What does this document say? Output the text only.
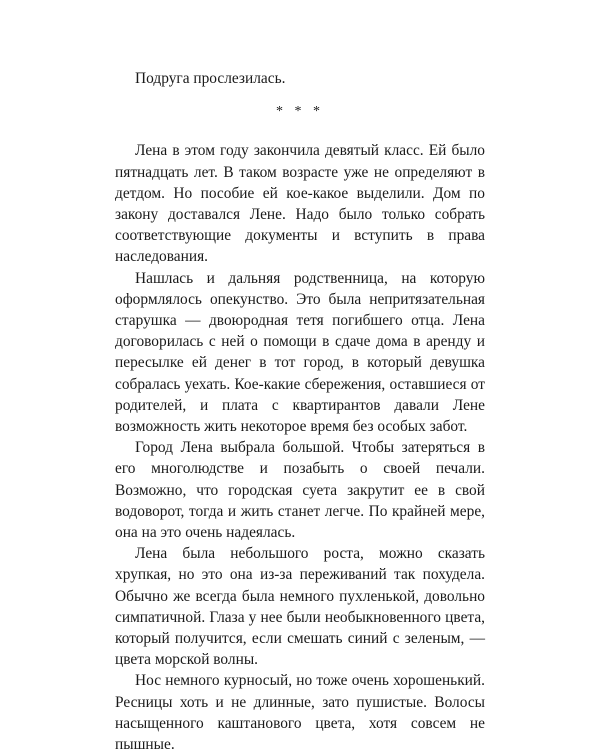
Подруга прослезилась.

* * *

Лена в этом году закончила девятый класс. Ей было пятнадцать лет. В таком возрасте уже не определяют в детдом. Но пособие ей кое-какое выделили. Дом по закону доставался Лене. Надо было только собрать соответствующие документы и вступить в права наследования.

Нашлась и дальняя родственница, на которую оформлялось опекунство. Это была непритязательная старушка — двоюродная тетя погибшего отца. Лена договорилась с ней о помощи в сдаче дома в аренду и пересылке ей денег в тот город, в который девушка собралась уехать. Кое-какие сбережения, оставшиеся от родителей, и плата с квартирантов давали Лене возможность жить некоторое время без особых забот.

Город Лена выбрала большой. Чтобы затеряться в его многолюдстве и позабыть о своей печали. Возможно, что городская суета закрутит ее в свой водоворот, тогда и жить станет легче. По крайней мере, она на это очень надеялась.

Лена была небольшого роста, можно сказать хрупкая, но это она из-за переживаний так похудела. Обычно же всегда была немного пухленькой, довольно симпатичной. Глаза у нее были необыкновенного цвета, который получится, если смешать синий с зеленым, — цвета морской волны.

Нос немного курносый, но тоже очень хорошенький. Ресницы хоть и не длинные, зато пушистые. Волосы насыщенного каштанового цвета, хотя совсем не пышные.
